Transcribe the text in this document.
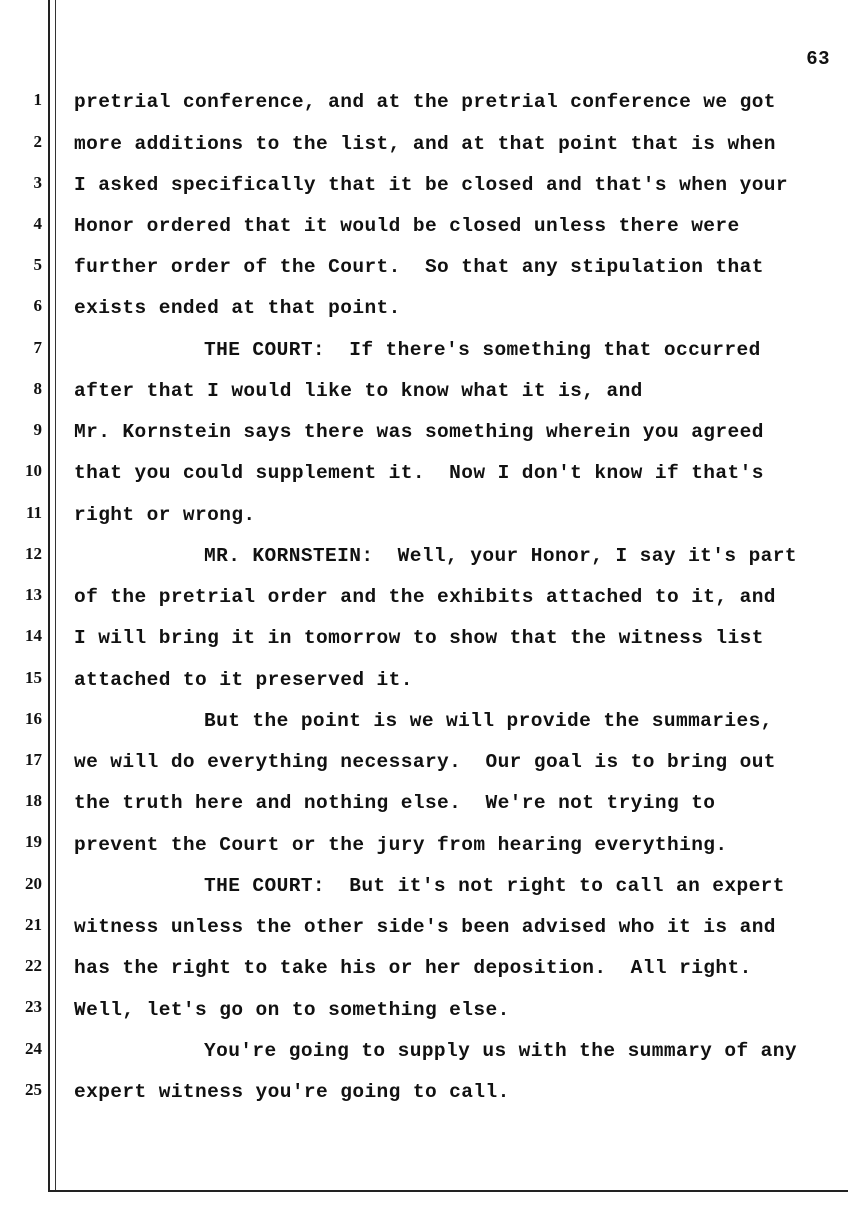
63
1
2
3
4
5
6
7
8
9
10
11
12
13
14
15
16
17
18
19
20
21
22
23
24
25
pretrial conference, and at the pretrial conference we got
more additions to the list, and at that point that is when
I asked specifically that it be closed and that's when your
Honor ordered that it would be closed unless there were
further order of the Court.  So that any stipulation that
exists ended at that point.
THE COURT:  If there's something that occurred
after that I would like to know what it is, and
Mr. Kornstein says there was something wherein you agreed
that you could supplement it.  Now I don't know if that's
right or wrong.
MR. KORNSTEIN:  Well, your Honor, I say it's part
of the pretrial order and the exhibits attached to it, and
I will bring it in tomorrow to show that the witness list
attached to it preserved it.
But the point is we will provide the summaries,
we will do everything necessary.  Our goal is to bring out
the truth here and nothing else.  We're not trying to
prevent the Court or the jury from hearing everything.
THE COURT:  But it's not right to call an expert
witness unless the other side's been advised who it is and
has the right to take his or her deposition.  All right.
Well, let's go on to something else.
You're going to supply us with the summary of any
expert witness you're going to call.
